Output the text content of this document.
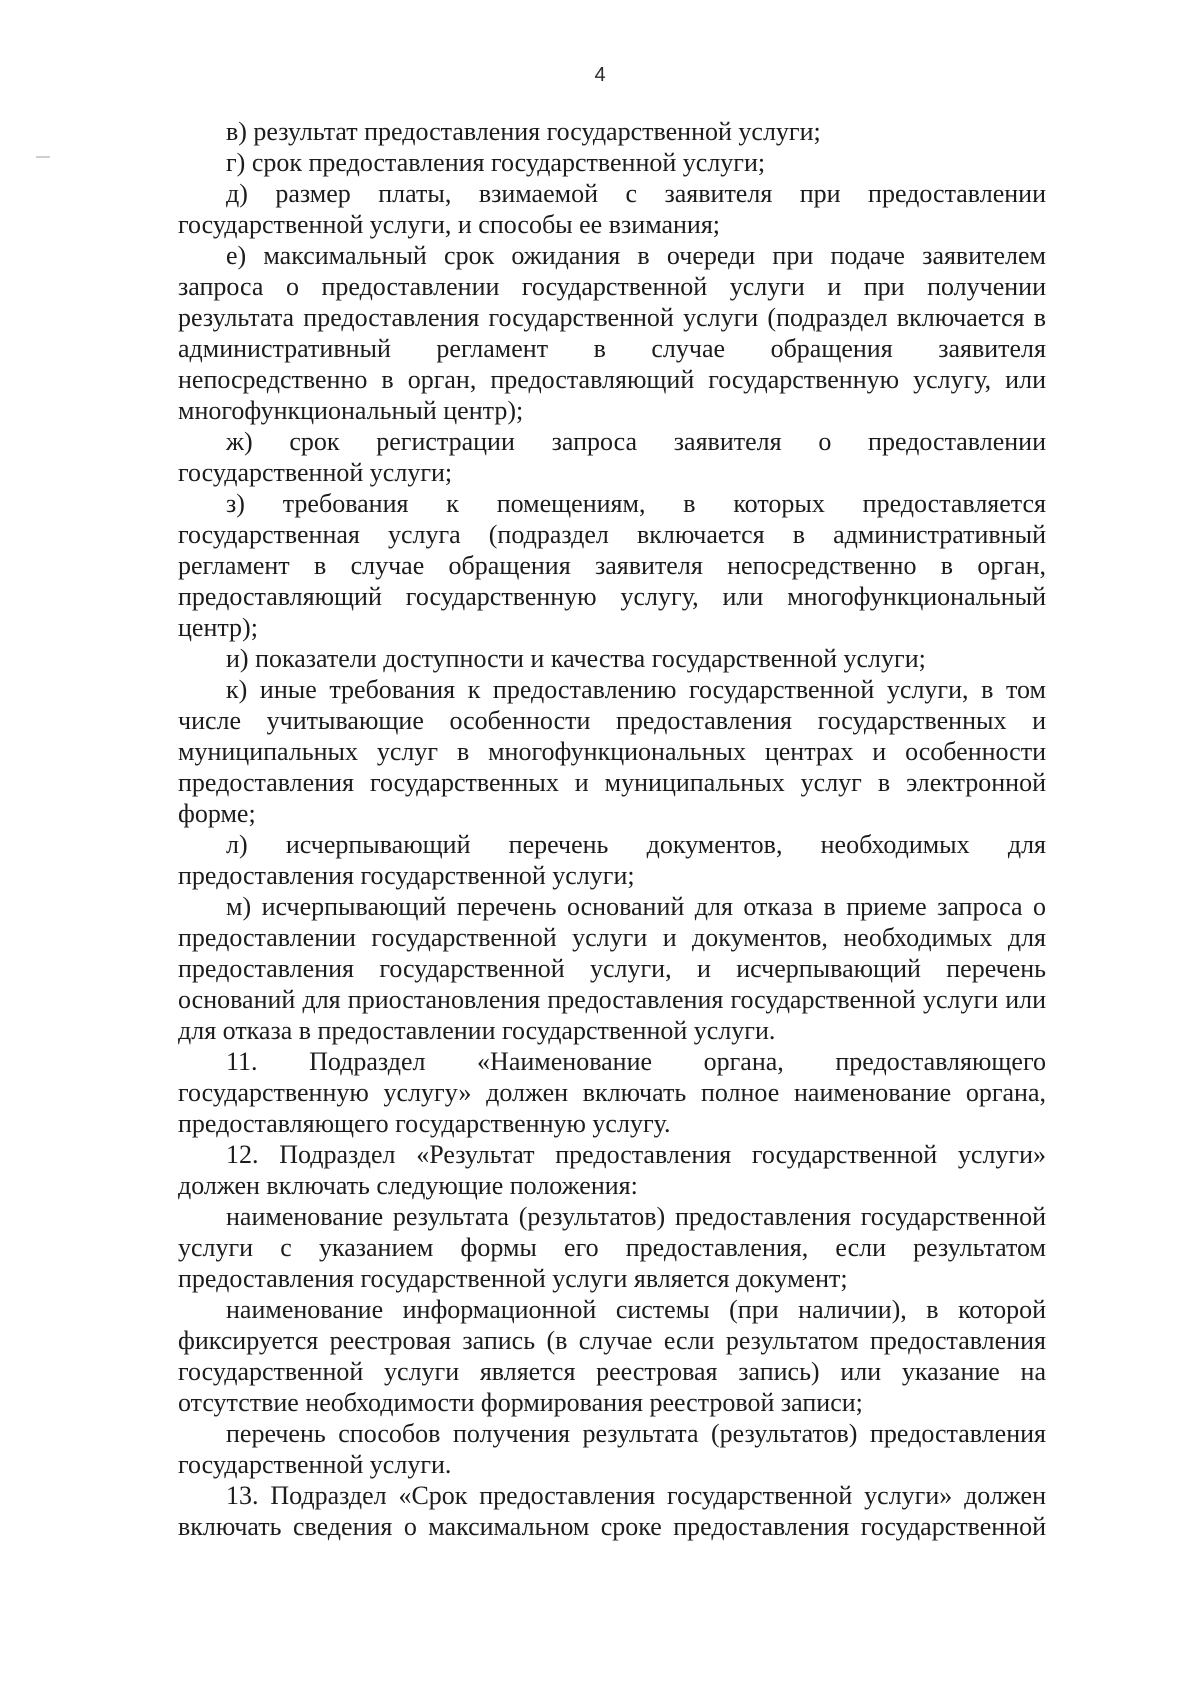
4

в) результат предоставления государственной услуги;

г) срок предоставления государственной услуги;

д) размер платы, взимаемой с заявителя при предоставлении государственной услуги, и способы ее взимания;

е) максимальный срок ожидания в очереди при подаче заявителем запроса о предоставлении государственной услуги и при получении результата предоставления государственной услуги (подраздел включается в административный регламент в случае обращения заявителя непосредственно в орган, предоставляющий государственную услугу, или многофункциональный центр);

ж) срок регистрации запроса заявителя о предоставлении государственной услуги;

з) требования к помещениям, в которых предоставляется государственная услуга (подраздел включается в административный регламент в случае обращения заявителя непосредственно в орган, предоставляющий государственную услугу, или многофункциональный центр);

и) показатели доступности и качества государственной услуги;

к) иные требования к предоставлению государственной услуги, в том числе учитывающие особенности предоставления государственных и муниципальных услуг в многофункциональных центрах и особенности предоставления государственных и муниципальных услуг в электронной форме;

л) исчерпывающий перечень документов, необходимых для предоставления государственной услуги;

м) исчерпывающий перечень оснований для отказа в приеме запроса о предоставлении государственной услуги и документов, необходимых для предоставления государственной услуги, и исчерпывающий перечень оснований для приостановления предоставления государственной услуги или для отказа в предоставлении государственной услуги.

11. Подраздел «Наименование органа, предоставляющего государственную услугу» должен включать полное наименование органа, предоставляющего государственную услугу.

12. Подраздел «Результат предоставления государственной услуги» должен включать следующие положения:

наименование результата (результатов) предоставления государственной услуги с указанием формы его предоставления, если результатом предоставления государственной услуги является документ;

наименование информационной системы (при наличии), в которой фиксируется реестровая запись (в случае если результатом предоставления государственной услуги является реестровая запись) или указание на отсутствие необходимости формирования реестровой записи;

перечень способов получения результата (результатов) предоставления государственной услуги.

13. Подраздел «Срок предоставления государственной услуги» должен включать сведения о максимальном сроке предоставления государственной
